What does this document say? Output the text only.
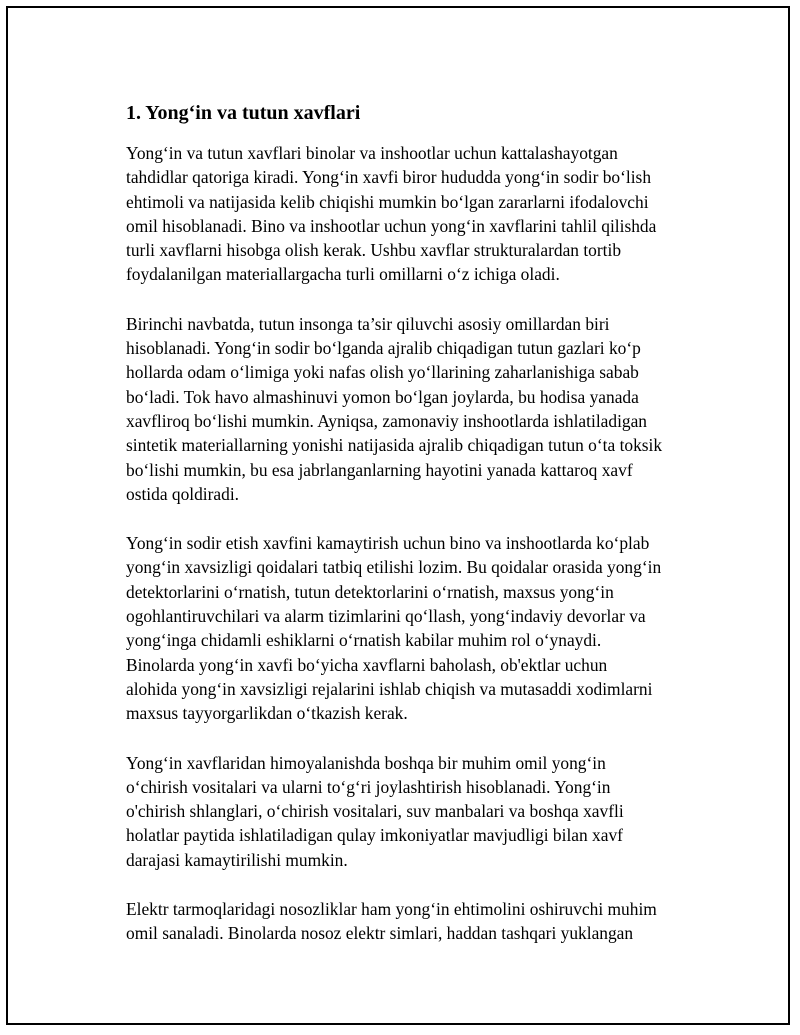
1. Yong‘in va tutun xavflari

Yong‘in va tutun xavflari binolar va inshootlar uchun kattalashayotgan
tahdidlar qatoriga kiradi. Yong‘in xavfi biror hududda yong‘in sodir bo‘lish
ehtimoli va natijasida kelib chiqishi mumkin bo‘lgan zararlarni ifodalovchi
omil hisoblanadi. Bino va inshootlar uchun yong‘in xavflarini tahlil qilishda
turli xavflarni hisobga olish kerak. Ushbu xavflar strukturalardan tortib
foydalanilgan materiallargacha turli omillarni o‘z ichiga oladi.

Birinchi navbatda, tutun insonga ta’sir qiluvchi asosiy omillardan biri
hisoblanadi. Yong‘in sodir bo‘lganda ajralib chiqadigan tutun gazlari ko‘p
hollarda odam o‘limiga yoki nafas olish yo‘llarining zaharlanishiga sabab
bo‘ladi. Tok havo almashinuvi yomon bo‘lgan joylarda, bu hodisa yanada
xavfliroq bo‘lishi mumkin. Ayniqsa, zamonaviy inshootlarda ishlatiladigan
sintetik materiallarning yonishi natijasida ajralib chiqadigan tutun o‘ta toksik
bo‘lishi mumkin, bu esa jabrlanganlarning hayotini yanada kattaroq xavf
ostida qoldiradi.

Yong‘in sodir etish xavfini kamaytirish uchun bino va inshootlarda ko‘plab
yong‘in xavsizligi qoidalari tatbiq etilishi lozim. Bu qoidalar orasida yong‘in
detektorlarini o‘rnatish, tutun detektorlarini o‘rnatish, maxsus yong‘in
ogohlantiruvchilari va alarm tizimlarini qo‘llash, yong‘indaviy devorlar va
yong‘inga chidamli eshiklarni o‘rnatish kabilar muhim rol o‘ynaydi.
Binolarda yong‘in xavfi bo‘yicha xavflarni baholash, ob'ektlar uchun
alohida yong‘in xavsizligi rejalarini ishlab chiqish va mutasaddi xodimlarni
maxsus tayyorgarlikdan o‘tkazish kerak.

Yong‘in xavflaridan himoyalanishda boshqa bir muhim omil yong‘in
o‘chirish vositalari va ularni to‘g‘ri joylashtirish hisoblanadi. Yong‘in
o'chirish shlanglari, o‘chirish vositalari, suv manbalari va boshqa xavfli
holatlar paytida ishlatiladigan qulay imkoniyatlar mavjudligi bilan xavf
darajasi kamaytirilishi mumkin.

Elektr tarmoqlaridagi nosozliklar ham yong‘in ehtimolini oshiruvchi muhim
omil sanaladi. Binolarda nosoz elektr simlari, haddan tashqari yuklangan
